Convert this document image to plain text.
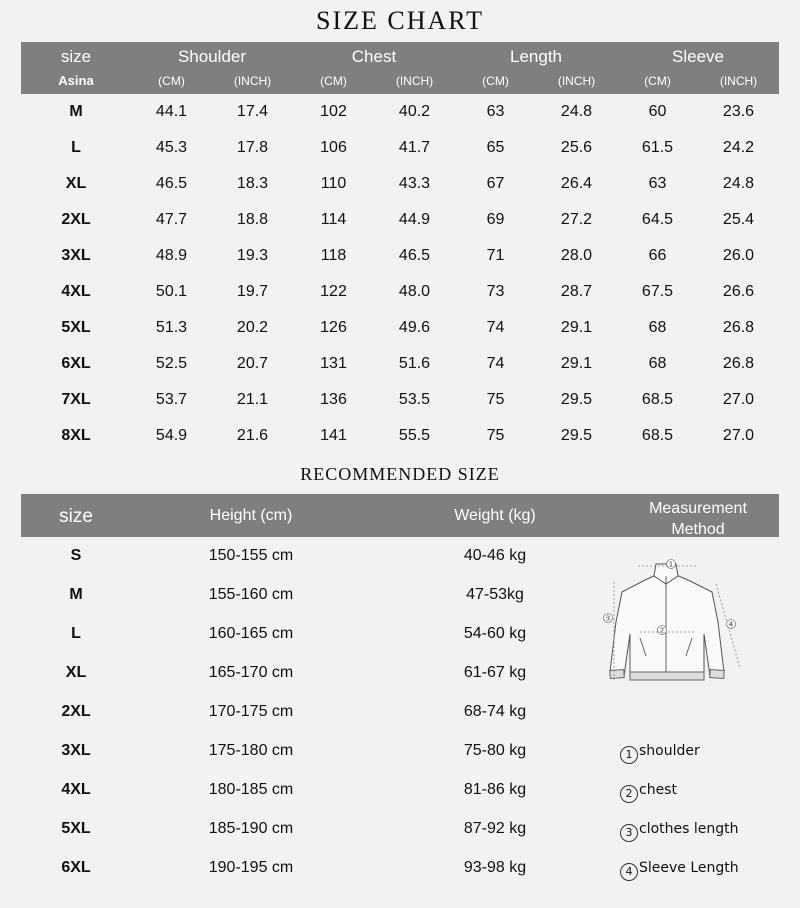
SIZE CHART
size
Asina
Shoulder	Chest	Length	Sleeve
(CM)	(INCH)	(CM)	(INCH)	(CM)	(INCH)	(CM)	(INCH)
M	44.1	17.4	102	40.2	63	24.8	60	23.6
L	45.3	17.8	106	41.7	65	25.6	61.5	24.2
XL	46.5	18.3	110	43.3	67	26.4	63	24.8
2XL	47.7	18.8	114	44.9	69	27.2	64.5	25.4
3XL	48.9	19.3	118	46.5	71	28.0	66	26.0
4XL	50.1	19.7	122	48.0	73	28.7	67.5	26.6
5XL	51.3	20.2	126	49.6	74	29.1	68	26.8
6XL	52.5	20.7	131	51.6	74	29.1	68	26.8
7XL	53.7	21.1	136	53.5	75	29.5	68.5	27.0
8XL	54.9	21.6	141	55.5	75	29.5	68.5	27.0
RECOMMENDED SIZE
size	Height (cm)	Weight (kg)	Measurement
Method
S	150-155 cm	40-46 kg
M	155-160 cm	47-53kg
L	160-165 cm	54-60 kg
XL	165-170 cm	61-67 kg
2XL	170-175 cm	68-74 kg
3XL	175-180 cm	75-80 kg
4XL	180-185 cm	81-86 kg
5XL	185-190 cm	87-92 kg
6XL	190-195 cm	93-98 kg
1
2
3
4
1 shoulder
2 chest
3 clothes length
4 Sleeve Length
